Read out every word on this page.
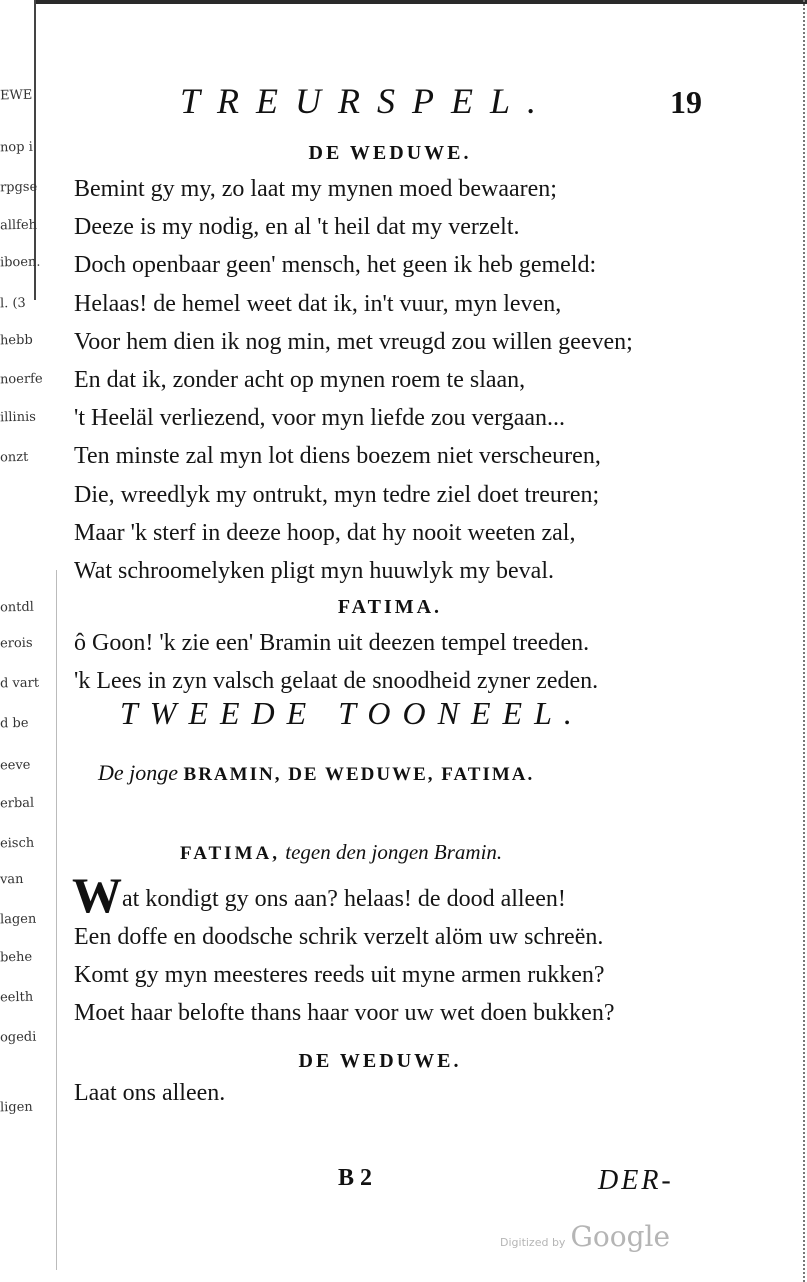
EWE
nop i
rpgse
allfeh
iboen.
l. (3
hebb
noerfe
illinis
onzt
ontdl
erois
d vart
d be
eeve
erbal
eisch
van
lagen
behe
eelth
ogedi
ligen
TREURSPEL.	19
DE WEDUWE.
Bemint gy my, zo laat my mynen moed bewaaren;
Deeze is my nodig, en al 't heil dat my verzelt.
Doch openbaar geen' mensch, het geen ik heb gemeld:
Helaas! de hemel weet dat ik, in't vuur, myn leven,
Voor hem dien ik nog min, met vreugd zou willen geeven;
En dat ik, zonder acht op mynen roem te slaan,
't Heeläl verliezend, voor myn liefde zou vergaan...
Ten minste zal myn lot diens boezem niet verscheuren,
Die, wreedlyk my ontrukt, myn tedre ziel doet treuren;
Maar 'k sterf in deeze hoop, dat hy nooit weeten zal,
Wat schroomelyken pligt myn huuwlyk my beval.
FATIMA.
ô Goon! 'k zie een' Bramin uit deezen tempel treeden.
'k Lees in zyn valsch gelaat de snoodheid zyner zeden.
TWEEDE TOONEEL.
De jonge BRAMIN, DE WEDUWE, FATIMA.
FATIMA, tegen den jongen Bramin.
W at kondigt gy ons aan? helaas! de dood alleen!
Een doffe en doodsche schrik verzelt alöm uw schreën.
Komt gy myn meesteres reeds uit myne armen rukken?
Moet haar belofte thans haar voor uw wet doen bukken?
DE WEDUWE.
Laat ons alleen.
B 2	DER-
Digitized by Google
